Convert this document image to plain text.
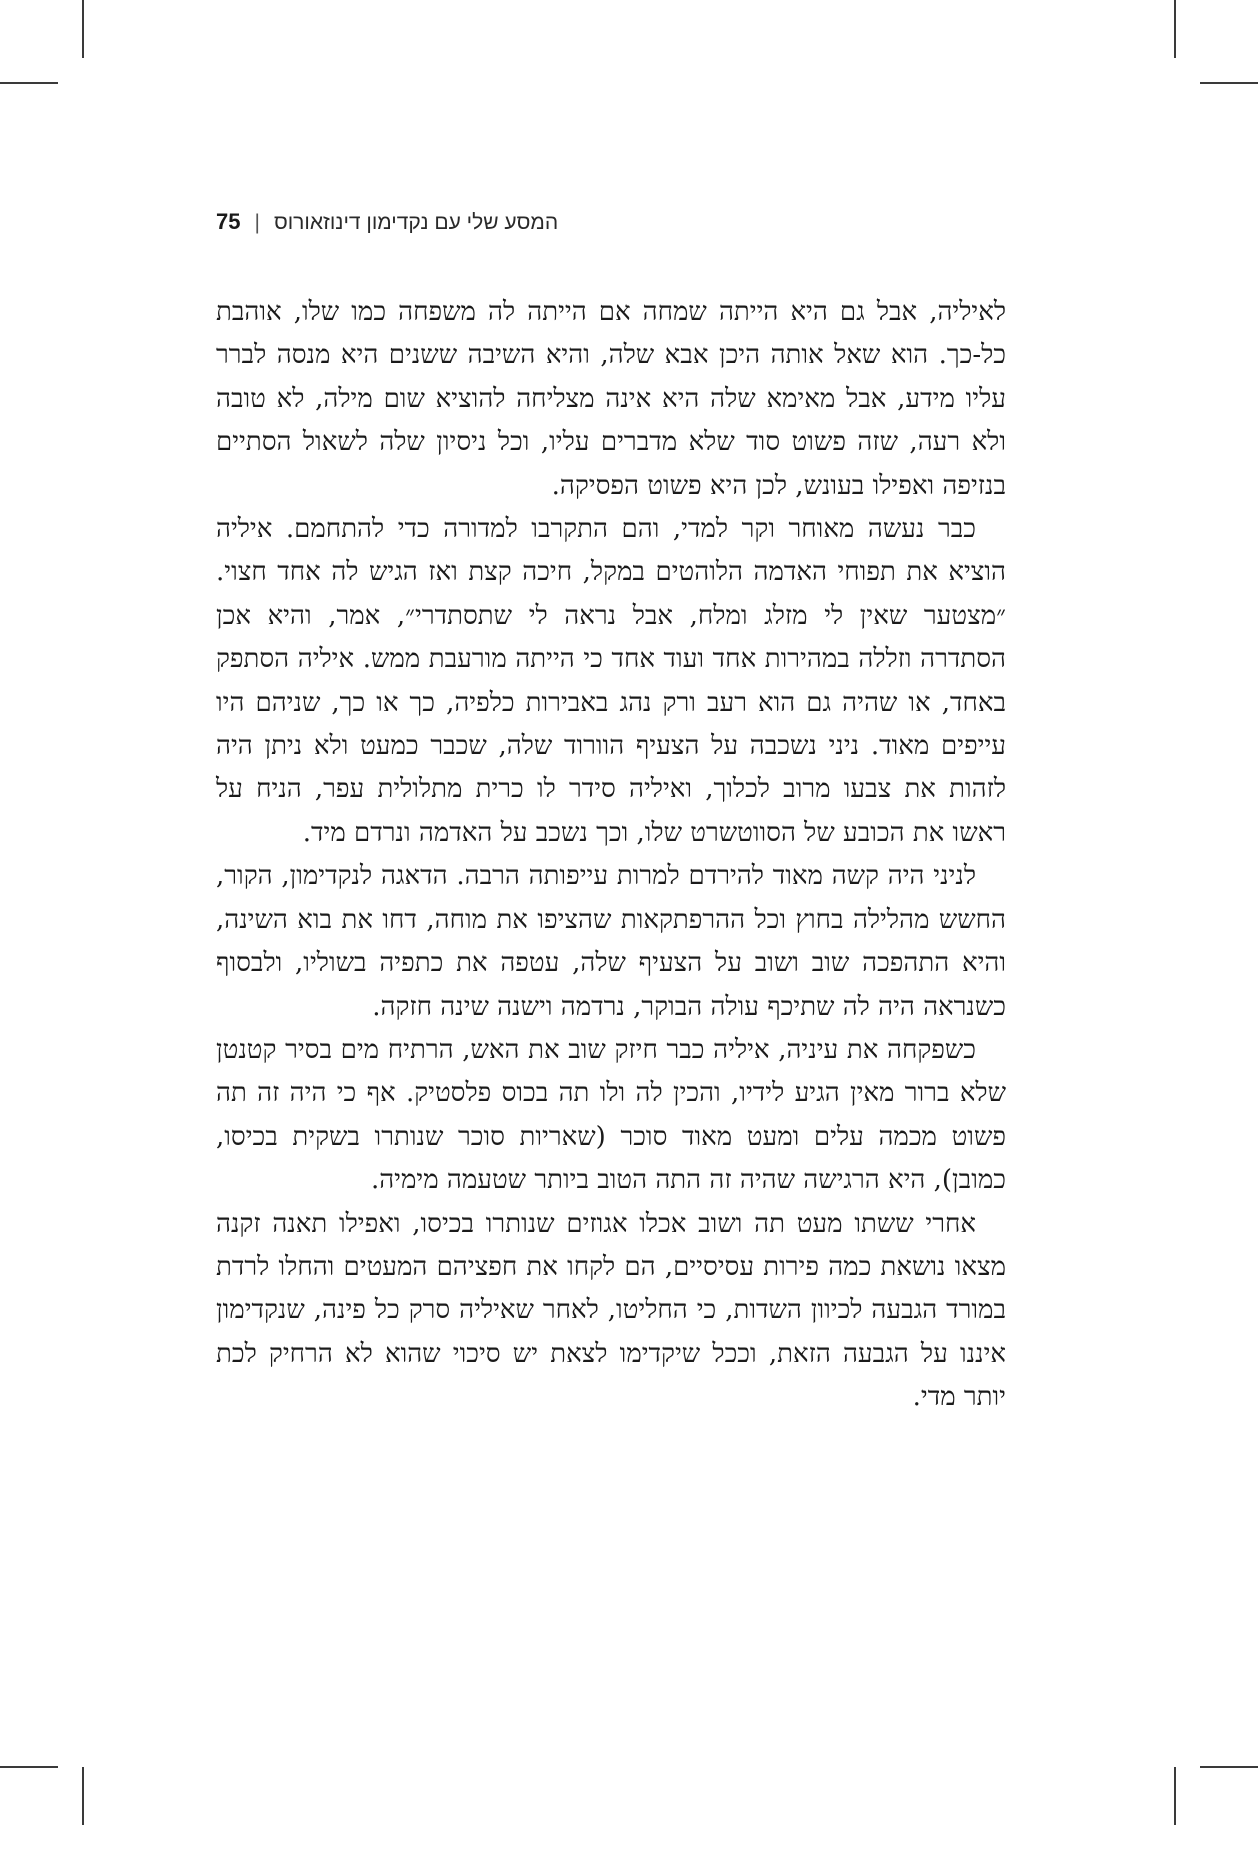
75 | המסע שלי עם נקדימון דינוזאורוס

לאיליה, אבל גם היא הייתה שמחה אם הייתה לה משפחה כמו שלו, אוהבת כל-כך. הוא שאל אותה היכן אבא שלה, והיא השיבה ששנים היא מנסה לברר עליו מידע, אבל מאימא שלה היא אינה מצליחה להוציא שום מילה, לא טובה ולא רעה, שזה פשוט סוד שלא מדברים עליו, וכל ניסיון שלה לשאול הסתיים בנזיפה ואפילו בעונש, לכן היא פשוט הפסיקה.

כבר נעשה מאוחר וקר למדי, והם התקרבו למדורה כדי להתחמם. איליה הוציא את תפוחי האדמה הלוהטים במקל, חיכה קצת ואז הגיש לה אחד חצוי. ״מצטער שאין לי מזלג ומלח, אבל נראה לי שתסתדרי״, אמר, והיא אכן הסתדרה וזללה במהירות אחד ועוד אחד כי הייתה מורעבת ממש. איליה הסתפק באחד, או שהיה גם הוא רעב ורק נהג באבירות כלפיה, כך או כך, שניהם היו עייפים מאוד. ניני נשכבה על הצעיף הוורוד שלה, שכבר כמעט ולא ניתן היה לזהות את צבעו מרוב לכלוך, ואיליה סידר לו כרית מתלולית עפר, הניח על ראשו את הכובע של הסווטשרט שלו, וכך נשכב על האדמה ונרדם מיד.

לניני היה קשה מאוד להירדם למרות עייפותה הרבה. הדאגה לנקדימון, הקור, החשש מהלילה בחוץ וכל ההרפתקאות שהציפו את מוחה, דחו את בוא השינה, והיא התהפכה שוב ושוב על הצעיף שלה, עטפה את כתפיה בשוליו, ולבסוף כשנראה היה לה שתיכף עולה הבוקר, נרדמה וישנה שינה חזקה.

כשפקחה את עיניה, איליה כבר חיזק שוב את האש, הרתיח מים בסיר קטנטן שלא ברור מאין הגיע לידיו, והכין לה ולו תה בכוס פלסטיק. אף כי היה זה תה פשוט מכמה עלים ומעט מאוד סוכר (שאריות סוכר שנותרו בשקית בכיסו, כמובן), היא הרגישה שהיה זה התה הטוב ביותר שטעמה מימיה.

אחרי ששתו מעט תה ושוב אכלו אגוזים שנותרו בכיסו, ואפילו תאנה זקנה מצאו נושאת כמה פירות עסיסיים, הם לקחו את חפציהם המעטים והחלו לרדת במורד הגבעה לכיוון השדות, כי החליטו, לאחר שאיליה סרק כל פינה, שנקדימון איננו על הגבעה הזאת, וככל שיקדימו לצאת יש סיכוי שהוא לא הרחיק לכת יותר מדי.
